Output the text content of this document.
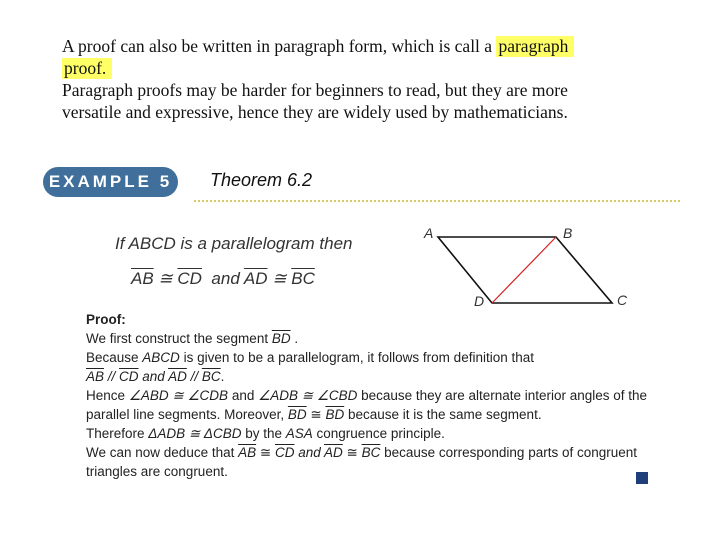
A proof can also be written in paragraph form, which is call a paragraph
proof.
Paragraph proofs may be harder for beginners to read, but they are more
versatile and expressive, hence they are widely used by mathematicians.
EXAMPLE 5	Theorem 6.2
If ABCD is a parallelogram then
$\overline{AB}$ ≅ $\overline{CD}$ and $\overline{AD}$ ≅ $\overline{BC}$
A	B
C
D
Proof:
We first construct the segment $\overline{BD}$ .
Because ABCD is given to be a parallelogram, it follows from definition that
$\overline{AB} // \overline{CD}$ and $\overline{AD} // \overline{BC}$.
Hence ∠ABD ≅ ∠CDB and ∠ADB ≅ ∠CBD because they are alternate interior angles of the
parallel line segments. Moreover, $\overline{BD}$ ≅ $\overline{BD}$ because it is the same segment.
Therefore ΔADB ≅ ΔCBD by the ASA congruence principle.
We can now deduce that $\overline{AB}$ ≅ $\overline{CD}$ and $\overline{AD}$ ≅ $\overline{BC}$ because corresponding parts of congruent
triangles are congruent.
